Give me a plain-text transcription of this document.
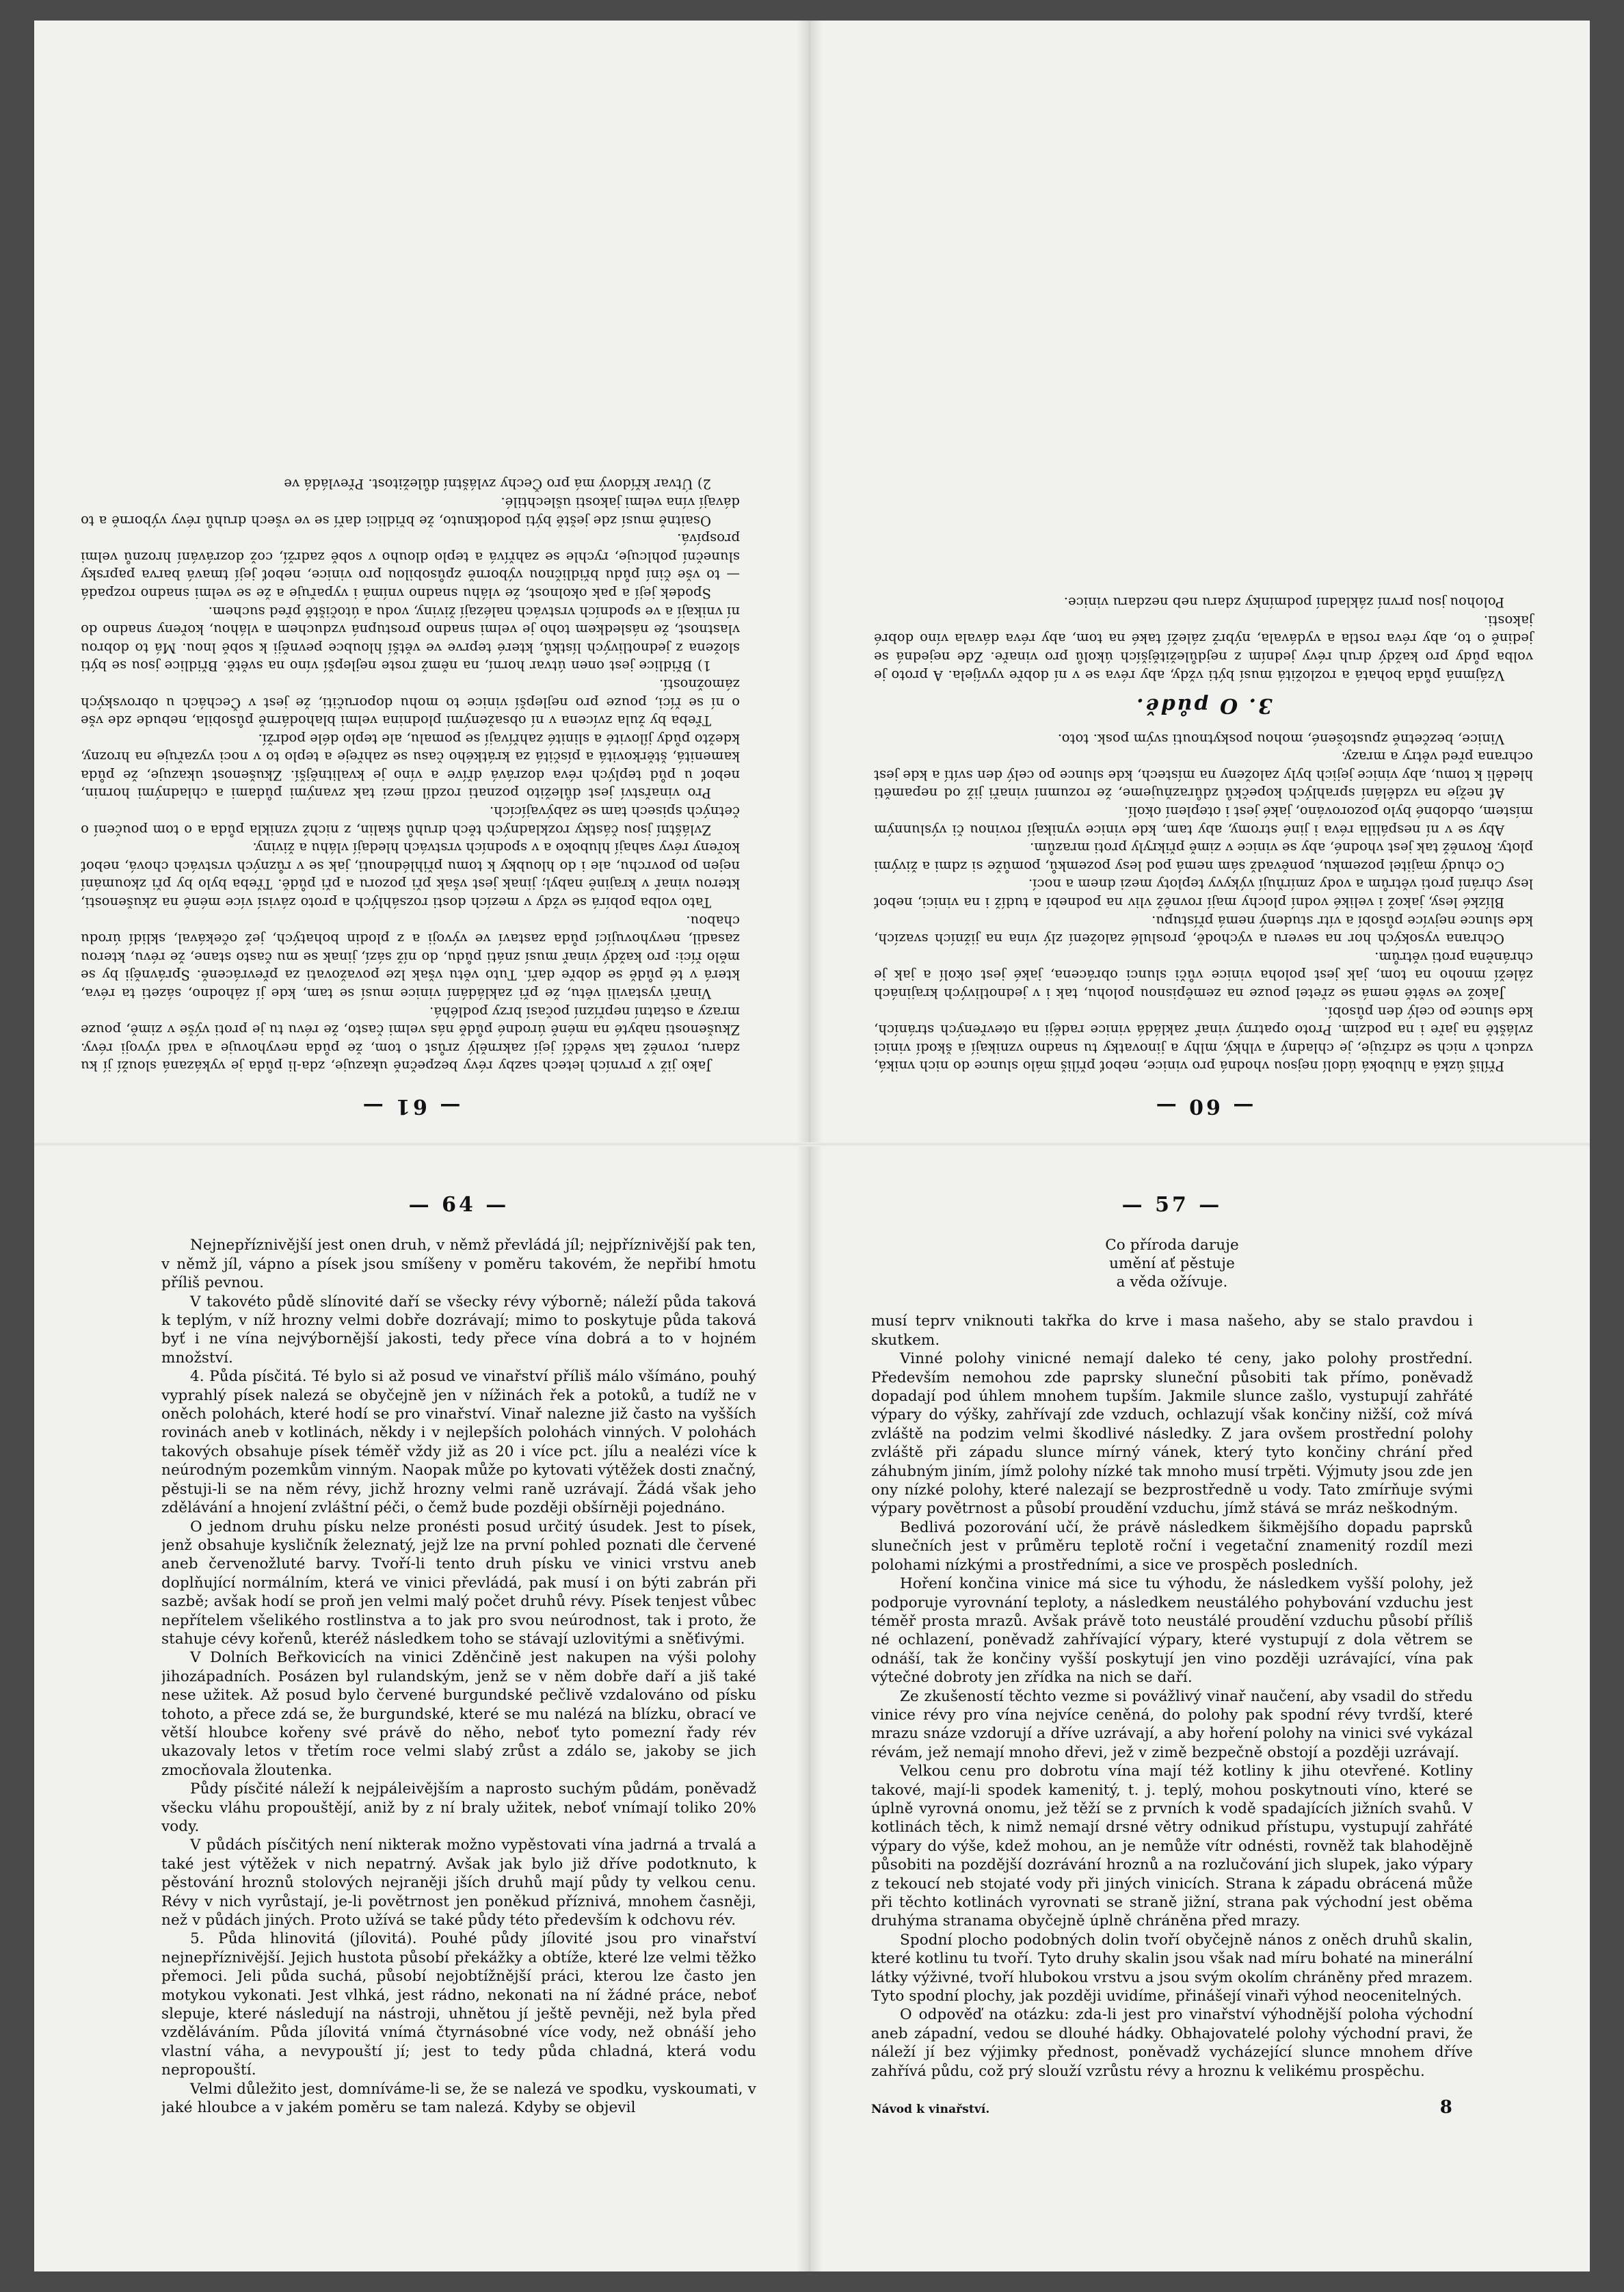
— 61 —

Jako již v prvních letech sazby révy bezpečně ukazuje, zda-li půda je vykázaná slouží jí ku zdaru, rovněž tak svědčí její zakrnělý zrůst o tom, že půda nevyhovuje a vadí vývoji révy. Zkušenosti nabyté na méně úrodné půdě nás velmi často, že révu tu je proti výše v zimě, pouze mrazy a ostatní nepřízní počasí brzy podléhá.

Vinaři vystavili větu, že při zakládání vinice musí se tam, kde jí záhodno, sázeti ta réva, která v té půdě se dobře daří. Tuto větu však lze považovati za převráceně. Správněji by se mělo říci: pro každý vinař musí znáti půdu, do níž sází, jinak se mu často stane, že révu, kterou zasadil, nevyhovující půda zastaví ve vývoji a z plodin bohatých, jež očekával, sklidí úrodu chabou.

Tato volba pobírá se vždy v mezích dosti rozsáhlých a proto závisí více méně na zkušenosti, kterou vinař v krajině nabyl; jinak jest však při pozoru a při půdě. Třeba bylo by při zkoumání nejen po povrchu, ale i do hloubky k tomu přihlédnouti, jak se v různých vrstvách chová, neboť kořeny révy sahají hluboko a v spodních vrstvách hledají vláhu a živiny.

Zvláštní jsou částky rozkladných těch druhů skalin, z nichž vznikla půda a o tom poučení o četných spisech tam se zabývajících.

Pro vinařství jest důležito poznati rozdíl mezi tak zvanými půdami a chladnými hornin, neboť u půd teplých réva dozrává dříve a víno je kvalitnější. Zkušenost ukazuje, že půda kamenitá, štěrkovitá a písčitá za krátkého času se zahřeje a teplo to v noci vyzařuje na hrozny, kdežto půdy jílovité a slinité zahřívají se pomalu, ale teplo déle podrží.

Třeba by žula zvícena v ní obsaženými plodnina velmi blahodárně působila, nebude zde vše o ní se říci, pouze pro nejlepší vinice to mohu doporučiti, že jest v Čechách u obrovských zámožností.

1) Břidlice jest onen útvar horní, na němž roste nejlepší víno na světě. Břidlice jsou se býti složena z jednotlivých lístků, které teprve ve větší hloubce pevněji k sobě lnou. Má to dobrou vlastnost, že následkem toho je velmi snadno prostupná vzduchem a vláhou, kořeny snadno do ní vnikají a ve spodních vrstvách nalézají živiny, vodu a útočiště před suchem.

Spodek její a pak okolnost, že vláhu snadno vnímá i vypařuje a že se velmi snadno rozpadá — to vše činí půdu břidličnou výborně způsobilou pro vinice, neboť její tmavá barva paprsky sluneční pohlcuje, rychle se zahřívá a teplo dlouho v sobě zadrží, což dozrávání hroznů velmi prospívá.

Osaitně musí zde ještě býti podotknuto, že břidlici daří se ve všech druhů révy výborně a to dávají vína velmi jakosti ušlechtilé.

2) Útvar křídový má pro Čechy zvláštní důležitost. Převládá ve

— 60 —

Příliš úzká a hluboká údolí nejsou vhodná pro vinice, neboť příliš málo slunce do nich vniká, vzduch v nich se zdržuje, je chladný a vlhký, mlhy a jinovatky tu snadno vznikají a škodí vinici zvláště na jaře i na podzim. Proto opatrný vinař zakládá vinice raději na otevřených stráních, kde slunce po celý den působí.

Jakož ve světě nemá se zřetel pouze na zeměpisnou polohu, tak i v jednotlivých krajinách záleží mnoho na tom, jak jest poloha vinice vůči slunci obrácena, jaké jest okolí a jak je chráněna proti větrům.

Ochrana vysokých hor na severu a východě, proslulé založení zlý vína na jižních svazích, kde slunce nejvíce působí a vítr studený nemá přístupu.

Blízké lesy, jakož i veliké vodní plochy mají rovněž vliv na podnebí a tudíž i na vinici, neboť lesy chrání proti větrům a vody zmírňují výkyvy teploty mezi dnem a nocí.

Co chudý majitel pozemku, poněvadž sám nemá pod lesy pozemků, pomůže si zdmi a živými ploty. Rovněž tak jest vhodné, aby se vinice v zimě přikryly proti mrazům.

Aby se v ní nespálila réva i jiné stromy, aby tam, kde vinice vynikají rovinou či výslunným místem, obdobné bylo pozorováno, jaké jest i oteplení okolí.

Ať nežje na vzdělání sprahlých kopečků zdůrazňujeme, že rozumní vinaři již od nepaměti hleděli k tomu, aby vinice jejich byly založeny na místech, kde slunce po celý den svítí a kde jest ochrana před větry a mrazy.

Vinice, bezčetně zpustošené, mohou poskytnouti svým posk. toto.

3. O půdě.

Vzájmná půda bohatá a rozložitá musí býti vždy, aby réva se v ní dobře vyvíjela. A proto je volba půdy pro každý druh révy jedním z nejdůležitějších úkolů pro vinaře. Zde nejedná se jedině o to, aby réva rostla a vydávala, nýbrž záleží také na tom, aby réva dávala víno dobré jakosti.

Polohou jsou první základní podmínky zdaru neb nezdaru vinice.

— 64 —

Nejnepříznivější jest onen druh, v němž převládá jíl; nejpříznivější pak ten, v němž jíl, vápno a písek jsou smíšeny v poměru takovém, že nepřibí hmotu příliš pevnou.

V takovéto půdě slínovité daří se všecky révy výborně; náleží půda taková k teplým, v níž hrozny velmi dobře dozrávají; mimo to poskytuje půda taková byť i ne vína nejvýbornější jakosti, tedy přece vína dobrá a to v hojném množství.

4. Půda písčitá. Té bylo si až posud ve vinařství příliš málo všímáno, pouhý vyprahlý písek nalezá se obyčejně jen v nížinách řek a potoků, a tudíž ne v oněch polohách, které hodí se pro vinařství. Vinař nalezne již často na vyšších rovinách aneb v kotlinách, někdy i v nejlepších polohách vinných. V polohách takových obsahuje písek téměř vždy již as 20 i více pct. jílu a nealézi více k neúrodným pozemkům vinným. Naopak může po kytovati výtěžek dosti značný, pěstuji-li se na něm révy, jichž hrozny velmi raně uzrávají. Žádá však jeho zdělávání a hnojení zvláštní péči, o čemž bude později obšírněji pojednáno.

O jednom druhu písku nelze pronésti posud určitý úsudek. Jest to písek, jenž obsahuje kysličník železnatý, jejž lze na první pohled poznati dle červené aneb červenožluté barvy. Tvoří-li tento druh písku ve vinici vrstvu aneb doplňující normálním, která ve vinici převládá, pak musí i on býti zabrán při sazbě; avšak hodí se proň jen velmi malý počet druhů révy. Písek tenjest vůbec nepřítelem všelikého rostlinstva a to jak pro svou neúrodnost, tak i proto, že stahuje cévy kořenů, kteréž následkem toho se stávají uzlovitými a sněťivými.

V Dolních Beřkovicích na vinici Zděnčině jest nakupen na výši polohy jihozápadních. Posázen byl rulandským, jenž se v něm dobře daří a jiš také nese užitek. Až posud bylo červené burgundské pečlivě vzdalováno od písku tohoto, a přece zdá se, že burgundské, které se mu nalézá na blízku, obrací ve větší hloubce kořeny své právě do něho, neboť tyto pomezní řady rév ukazovaly letos v třetím roce velmi slabý zrůst a zdálo se, jakoby se jich zmocňovala žloutenka.

Půdy písčité náleží k nejpáleivějším a naprosto suchým půdám, poněvadž všecku vláhu propouštějí, aniž by z ní braly užitek, neboť vnímají toliko 20% vody.

V půdách písčitých není nikterak možno vypěstovati vína jadrná a trvalá a také jest výtěžek v nich nepatrný. Avšak jak bylo již dříve podotknuto, k pěstování hroznů stolových nejraněji jších druhů mají půdy ty velkou cenu. Révy v nich vyrůstají, je-li povětrnost jen poněkud příznivá, mnohem časněji, než v půdách jiných. Proto užívá se také půdy této především k odchovu rév.

5. Půda hlinovitá (jílovitá). Pouhé půdy jílovité jsou pro vinařství nejnepříznivější. Jejich hustota působí překážky a obtíže, které lze velmi těžko přemoci. Jeli půda suchá, působí nejobtížnější práci, kterou lze často jen motykou vykonati. Jest vlhká, jest rádno, nekonati na ní žádné práce, neboť slepuje, které následují na nástroji, uhnětou jí ještě pevněji, než byla před vzděláváním. Půda jílovitá vnímá čtyrnásobné více vody, než obnáší jeho vlastní váha, a nevypouští jí; jest to tedy půda chladná, která vodu nepropouští.

Velmi důležito jest, domníváme-li se, že se nalezá ve spodku, vyskoumati, v jaké hloubce a v jakém poměru se tam nalezá. Kdyby se objevil

— 57 —
Co příroda daruje
umění ať pěstuje
a věda ožívuje.

musí teprv vniknouti takřka do krve i masa našeho, aby se stalo pravdou i skutkem.

Vinné polohy vinicné nemají daleko té ceny, jako polohy prostřední. Především nemohou zde paprsky sluneční působiti tak přímo, poněvadž dopadají pod úhlem mnohem tupším. Jakmile slunce zašlo, vystupují zahřáté výpary do výšky, zahřívají zde vzduch, ochlazují však končiny nižší, což mívá zvláště na podzim velmi škodlivé následky. Z jara ovšem prostřední polohy zvláště při západu slunce mírný vánek, který tyto končiny chrání před záhubným jiním, jímž polohy nízké tak mnoho musí trpěti. Výjmuty jsou zde jen ony nízké polohy, které nalezají se bezprostředně u vody. Tato zmírňuje svými výpary povětrnost a působí proudění vzduchu, jímž stává se mráz neškodným.

Bedlivá pozorování učí, že právě následkem šikmějšího dopadu paprsků slunečních jest v průměru teplotě roční i vegetační znamenitý rozdíl mezi polohami nízkými a prostředními, a sice ve prospěch posledních.

Hoření končina vinice má sice tu výhodu, že následkem vyšší polohy, jež podporuje vyrovnání teploty, a následkem neustálého pohybování vzduchu jest téměř prosta mrazů. Avšak právě toto neustálé proudění vzduchu působí příliš né ochlazení, poněvadž zahřívající výpary, které vystupují z dola větrem se odnáší, tak že končiny vyšší poskytují jen vino později uzrávající, vína pak výtečné dobroty jen zřídka na nich se daří.

Ze zkušeností těchto vezme si povážlivý vinař naučení, aby vsadil do středu vinice révy pro vína nejvíce ceněná, do polohy pak spodní révy tvrdší, které mrazu snáze vzdorují a dříve uzrávají, a aby hoření polohy na vinici své vykázal révám, jež nemají mnoho dřevi, jež v zimě bezpečně obstojí a později uzrávají.

Velkou cenu pro dobrotu vína mají též kotliny k jihu otevřené. Kotliny takové, mají-li spodek kamenitý, t. j. teplý, mohou poskytnouti víno, které se úplně vyrovná onomu, jež těží se z prvních k vodě spadajících jižních svahů. V kotlinách těch, k nimž nemají drsné větry odnikud přístupu, vystupují zahřáté výpary do výše, kdež mohou, an je nemůže vítr odnésti, rovněž tak blahodějně působiti na pozdější dozrávání hroznů a na rozlučování jich slupek, jako výpary z tekoucí neb stojaté vody při jiných vinicích. Strana k západu obrácená může při těchto kotlinách vyrovnati se straně jižní, strana pak východní jest oběma druhýma stranama obyčejně úplně chráněna před mrazy.

Spodní plocho podobných dolin tvoří obyčejně nános z oněch druhů skalin, které kotlinu tu tvoří. Tyto druhy skalin jsou však nad míru bohaté na minerální látky výživné, tvoří hlubokou vrstvu a jsou svým okolím chráněny před mrazem. Tyto spodní plochy, jak později uvidíme, přinášejí vinaři výhod neocenitelných.

O odpověď na otázku: zda-li jest pro vinařství výhodnější poloha východní aneb západní, vedou se dlouhé hádky. Obhajovatelé polohy východní pravi, že náleží jí bez výjimky přednost, poněvadž vycházející slunce mnohem dříve zahřívá půdu, což prý slouží vzrůstu révy a hroznu k velikému prospěchu.

Návod k vinařství.	8
